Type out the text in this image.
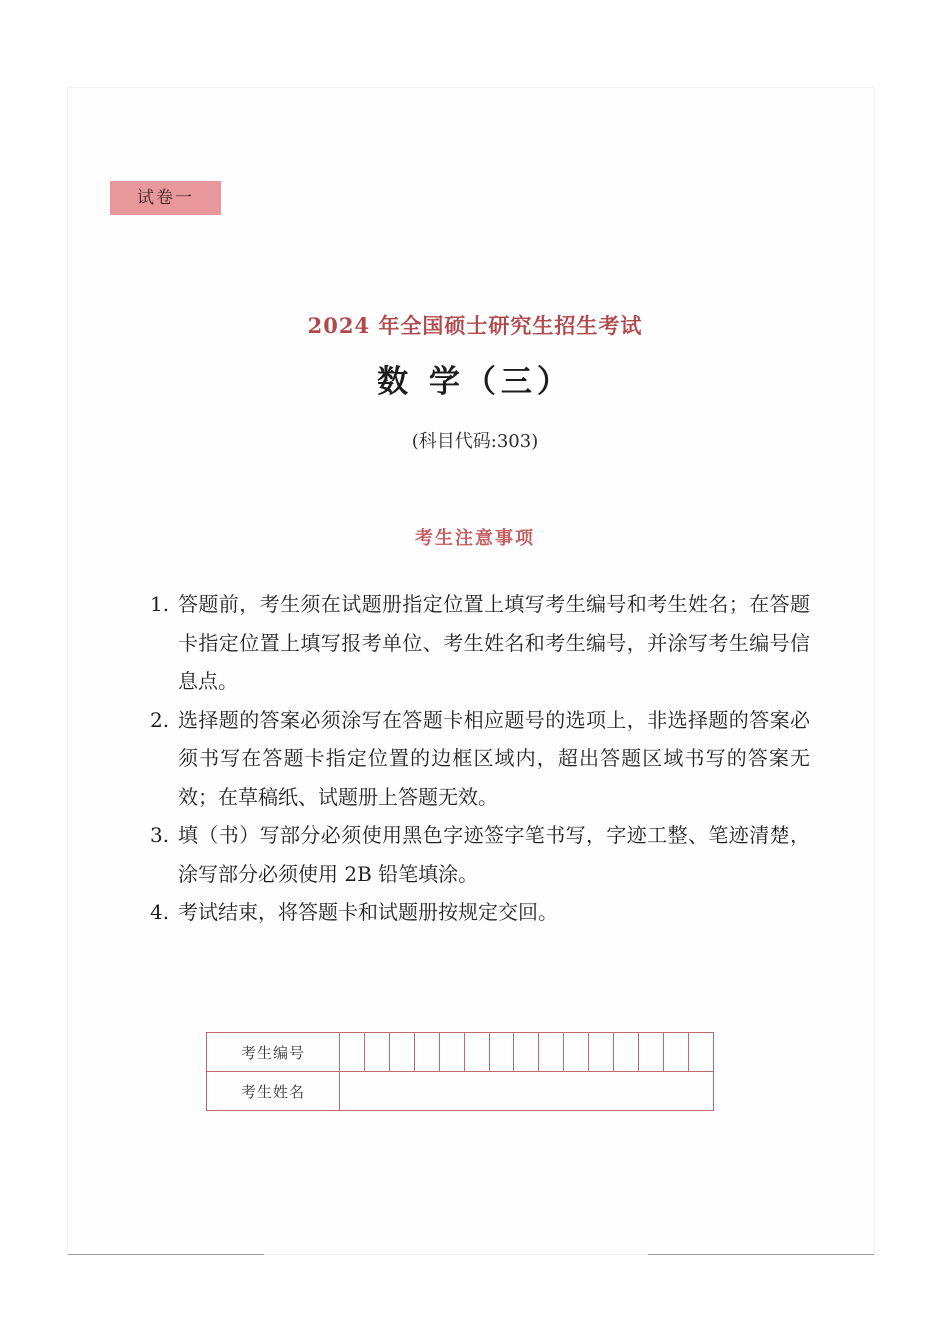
试卷一
2024 年全国硕士研究生招生考试
数 学（三）
(科目代码:303)
考生注意事项
1. 答题前，考生须在试题册指定位置上填写考生编号和考生姓名；在答题卡指定位置上填写报考单位、考生姓名和考生编号，并涂写考生编号信息点。
2. 选择题的答案必须涂写在答题卡相应题号的选项上，非选择题的答案必须书写在答题卡指定位置的边框区域内，超出答题区域书写的答案无效；在草稿纸、试题册上答题无效。
3. 填（书）写部分必须使用黑色字迹签字笔书写，字迹工整、笔迹清楚，涂写部分必须使用 2B 铅笔填涂。
4. 考试结束，将答题卡和试题册按规定交回。
考生编号															
考生姓名															
